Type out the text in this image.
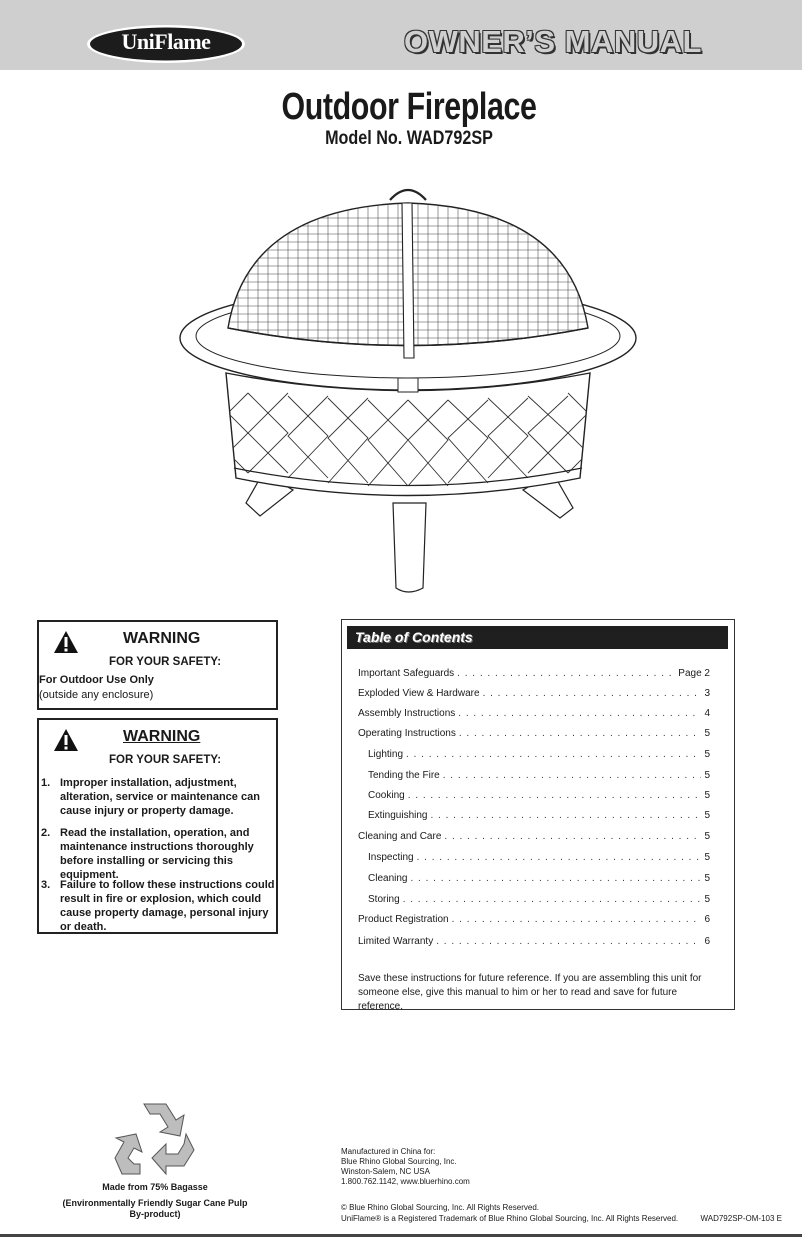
UniFlame	OWNER’S MANUAL
Outdoor Fireplace
Model No. WAD792SP
WARNING
FOR YOUR SAFETY:
For Outdoor Use Only
(outside any enclosure)
WARNING
FOR YOUR SAFETY:
1. Improper installation, adjustment, alteration, service or maintenance can cause injury or property damage.
2. Read the installation, operation, and maintenance instructions thoroughly before installing or servicing this equipment.
3. Failure to follow these instructions could result in fire or explosion, which could cause property damage, personal injury or death.
Table of Contents
Important Safeguards . . .	Page 2
Exploded View & Hardware . . .	3
Assembly Instructions . . .	4
Operating Instructions . . .	5
Lighting . . .	5
Tending the Fire . . .	5
Cooking . . .	5
Extinguishing . . .	5
Cleaning and Care . . .	5
Inspecting . . .	5
Cleaning . . .	5
Storing . . .	5
Product Registration . . .	6
Limited Warranty . . .	6
Save these instructions for future reference. If you are assembling this unit for someone else, give this manual to him or her to read and save for future reference.
Made from 75% Bagasse
(Environmentally Friendly Sugar Cane Pulp By-product)
Manufactured in China for:
Blue Rhino Global Sourcing, Inc.
Winston-Salem, NC USA
1.800.762.1142, www.bluerhino.com
© Blue Rhino Global Sourcing, Inc. All Rights Reserved.
UniFlame® is a Registered Trademark of Blue Rhino Global Sourcing, Inc. All Rights Reserved.	WAD792SP-OM-103 E
